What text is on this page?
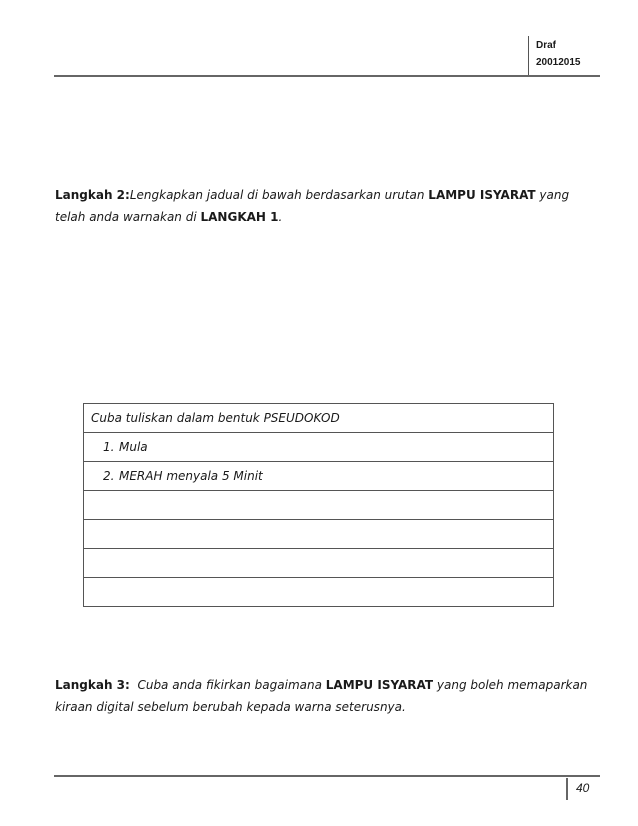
Draf
20012015
Langkah 2:Lengkapkan jadual di bawah berdasarkan urutan LAMPU ISYARAT yang telah anda warnakan di LANGKAH 1.
Cuba tuliskan dalam bentuk PSEUDOKOD
1. Mula
2. MERAH menyala 5 Minit

Langkah 3:  Cuba anda fikirkan bagaimana LAMPU ISYARAT yang boleh memaparkan kiraan digital sebelum berubah kepada warna seterusnya.
40
